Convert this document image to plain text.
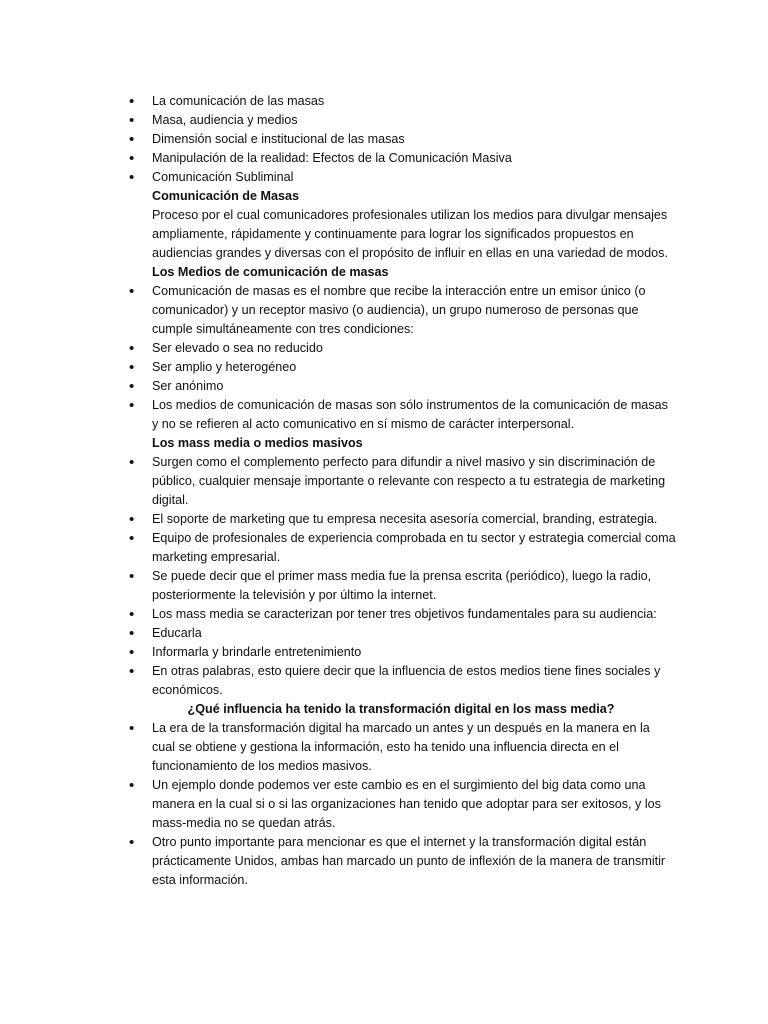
• La comunicación de las masas

• Masa, audiencia y medios

• Dimensión social e institucional de las masas

• Manipulación de la realidad: Efectos de la Comunicación Masiva

• Comunicación Subliminal

Comunicación de Masas

Proceso por el cual comunicadores profesionales utilizan los medios para divulgar mensajes ampliamente, rápidamente y continuamente para lograr los significados propuestos en audiencias grandes y diversas con el propósito de influir en ellas en una variedad de modos.

Los Medios de comunicación de masas

• Comunicación de masas es el nombre que recibe la interacción entre un emisor único (o comunicador) y un receptor masivo (o audiencia), un grupo numeroso de personas que cumple simultáneamente con tres condiciones:

• Ser elevado o sea no reducido

• Ser amplio y heterogéneo

• Ser anónimo

• Los medios de comunicación de masas son sólo instrumentos de la comunicación de masas y no se refieren al acto comunicativo en sí mismo de carácter interpersonal.

Los mass media o medios masivos

• Surgen como el complemento perfecto para difundir a nivel masivo y sin discriminación de público, cualquier mensaje importante o relevante con respecto a tu estrategia de marketing digital.

• El soporte de marketing que tu empresa necesita asesoría comercial, branding, estrategia.

• Equipo de profesionales de experiencia comprobada en tu sector y estrategia comercial coma marketing empresarial.

• Se puede decir que el primer mass media fue la prensa escrita (periódico), luego la radio, posteriormente la televisión y por último la internet.

• Los mass media se caracterizan por tener tres objetivos fundamentales para su audiencia:

• Educarla

• Informarla y brindarle entretenimiento

• En otras palabras, esto quiere decir que la influencia de estos medios tiene fines sociales y económicos.

¿Qué influencia ha tenido la transformación digital en los mass media?

• La era de la transformación digital ha marcado un antes y un después en la manera en la cual se obtiene y gestiona la información, esto ha tenido una influencia directa en el funcionamiento de los medios masivos.

• Un ejemplo donde podemos ver este cambio es en el surgimiento del big data como una manera en la cual si o si las organizaciones han tenido que adoptar para ser exitosos, y los mass-media no se quedan atrás.

• Otro punto importante para mencionar es que el internet y la transformación digital están prácticamente Unidos, ambas han marcado un punto de inflexión de la manera de transmitir esta información.
